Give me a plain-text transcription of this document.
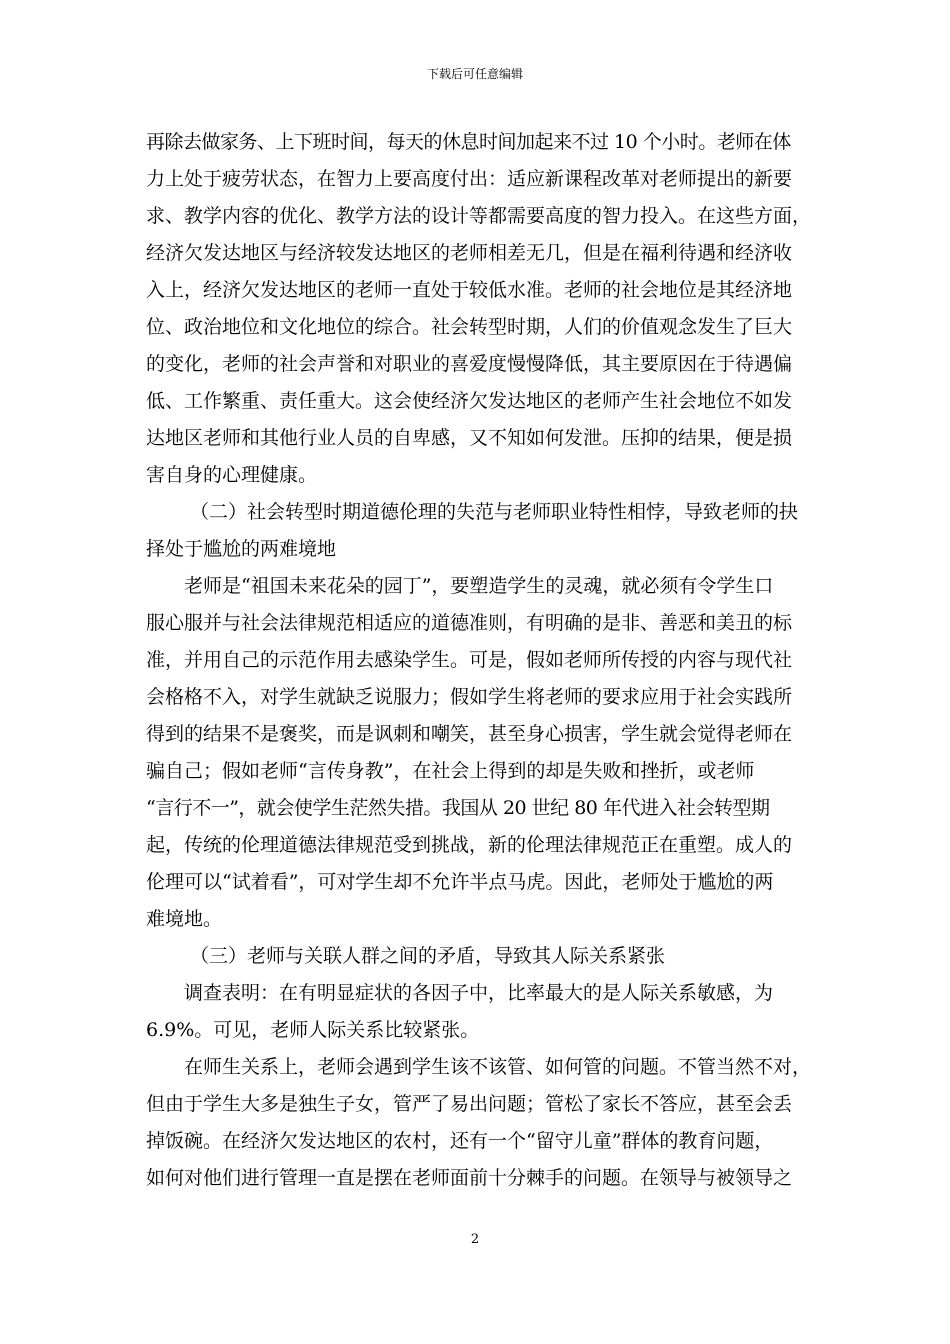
下载后可任意编辑
再除去做家务、上下班时间，每天的休息时间加起来不过 10 个小时。老师在体
力上处于疲劳状态，在智力上要高度付出：适应新课程改革对老师提出的新要
求、教学内容的优化、教学方法的设计等都需要高度的智力投入。在这些方面，
经济欠发达地区与经济较发达地区的老师相差无几，但是在福利待遇和经济收
入上，经济欠发达地区的老师一直处于较低水准。老师的社会地位是其经济地
位、政治地位和文化地位的综合。社会转型时期，人们的价值观念发生了巨大
的变化，老师的社会声誉和对职业的喜爱度慢慢降低，其主要原因在于待遇偏
低、工作繁重、责任重大。这会使经济欠发达地区的老师产生社会地位不如发
达地区老师和其他行业人员的自卑感，又不知如何发泄。压抑的结果，便是损
害自身的心理健康。
（二）社会转型时期道德伦理的失范与老师职业特性相悖，导致老师的抉
择处于尴尬的两难境地
老师是“祖国未来花朵的园丁”，要塑造学生的灵魂，就必须有令学生口
服心服并与社会法律规范相适应的道德准则，有明确的是非、善恶和美丑的标
准，并用自己的示范作用去感染学生。可是，假如老师所传授的内容与现代社
会格格不入，对学生就缺乏说服力；假如学生将老师的要求应用于社会实践所
得到的结果不是褒奖，而是讽刺和嘲笑，甚至身心损害，学生就会觉得老师在
骗自己；假如老师“言传身教”，在社会上得到的却是失败和挫折，或老师
“言行不一”，就会使学生茫然失措。我国从 20 世纪 80 年代进入社会转型期
起，传统的伦理道德法律规范受到挑战，新的伦理法律规范正在重塑。成人的
伦理可以“试着看”，可对学生却不允许半点马虎。因此，老师处于尴尬的两
难境地。
（三）老师与关联人群之间的矛盾，导致其人际关系紧张
调查表明：在有明显症状的各因子中，比率最大的是人际关系敏感，为
6.9%。可见，老师人际关系比较紧张。
在师生关系上，老师会遇到学生该不该管、如何管的问题。不管当然不对，
但由于学生大多是独生子女，管严了易出问题；管松了家长不答应，甚至会丢
掉饭碗。在经济欠发达地区的农村，还有一个“留守儿童”群体的教育问题，
如何对他们进行管理一直是摆在老师面前十分棘手的问题。在领导与被领导之
2
